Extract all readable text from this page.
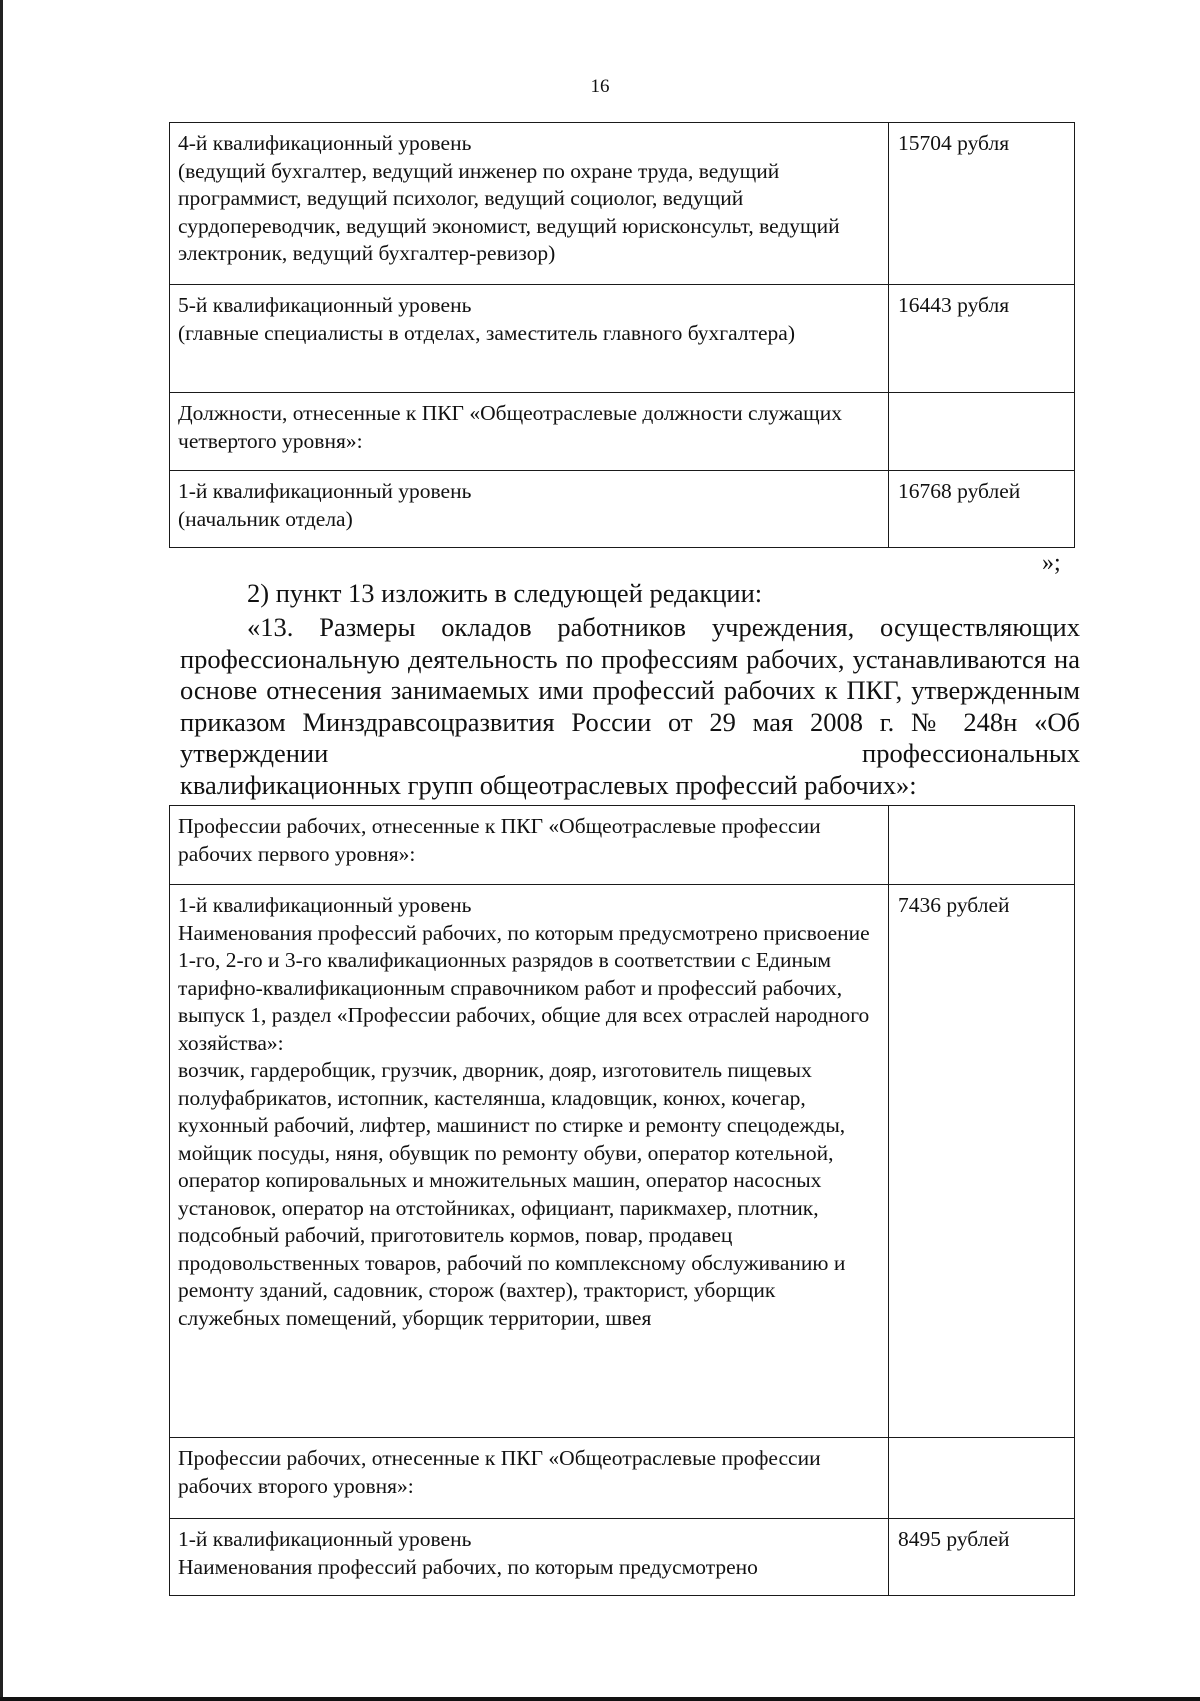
16
4-й квалификационный уровень
(ведущий бухгалтер, ведущий инженер по охране труда, ведущий программист, ведущий психолог, ведущий социолог, ведущий сурдопереводчик, ведущий экономист, ведущий юрисконсульт, ведущий электроник, ведущий бухгалтер-ревизор)	15704 рубля

5-й квалификационный уровень
(главные специалисты в отделах, заместитель главного бухгалтера)	16443 рубля

Должности, отнесенные к ПКГ «Общеотраслевые должности служащих четвертого уровня»:	

1-й квалификационный уровень
(начальник отдела)	16768 рублей
»;
2) пункт 13 изложить в следующей редакции:
«13. Размеры окладов работников учреждения, осуществляющих профессиональную деятельность по профессиям рабочих, устанавливаются на основе отнесения занимаемых ими профессий рабочих к ПКГ, утвержденным приказом Минздравсоцразвития России от 29 мая 2008 г. № 248н «Об утверждении профессиональных
квалификационных групп общеотраслевых профессий рабочих»:
Профессии рабочих, отнесенные к ПКГ «Общеотраслевые профессии рабочих первого уровня»:	

1-й квалификационный уровень
Наименования профессий рабочих, по которым предусмотрено присвоение 1-го, 2-го и 3-го квалификационных разрядов в соответствии с Единым тарифно-квалификационным справочником работ и профессий рабочих, выпуск 1, раздел «Профессии рабочих, общие для всех отраслей народного хозяйства»:
возчик, гардеробщик, грузчик, дворник, дояр, изготовитель пищевых полуфабрикатов, истопник, кастелянша, кладовщик, конюх, кочегар, кухонный рабочий, лифтер, машинист по стирке и ремонту спецодежды, мойщик посуды, няня, обувщик по ремонту обуви, оператор котельной, оператор копировальных и множительных машин, оператор насосных установок, оператор на отстойниках, официант, парикмахер, плотник, подсобный рабочий, приготовитель кормов, повар, продавец продовольственных товаров, рабочий по комплексному обслуживанию и ремонту зданий, садовник, сторож (вахтер), тракторист, уборщик служебных помещений, уборщик территории, швея	7436 рублей

Профессии рабочих, отнесенные к ПКГ «Общеотраслевые профессии рабочих второго уровня»:	

1-й квалификационный уровень
Наименования профессий рабочих, по которым предусмотрено	8495 рублей
